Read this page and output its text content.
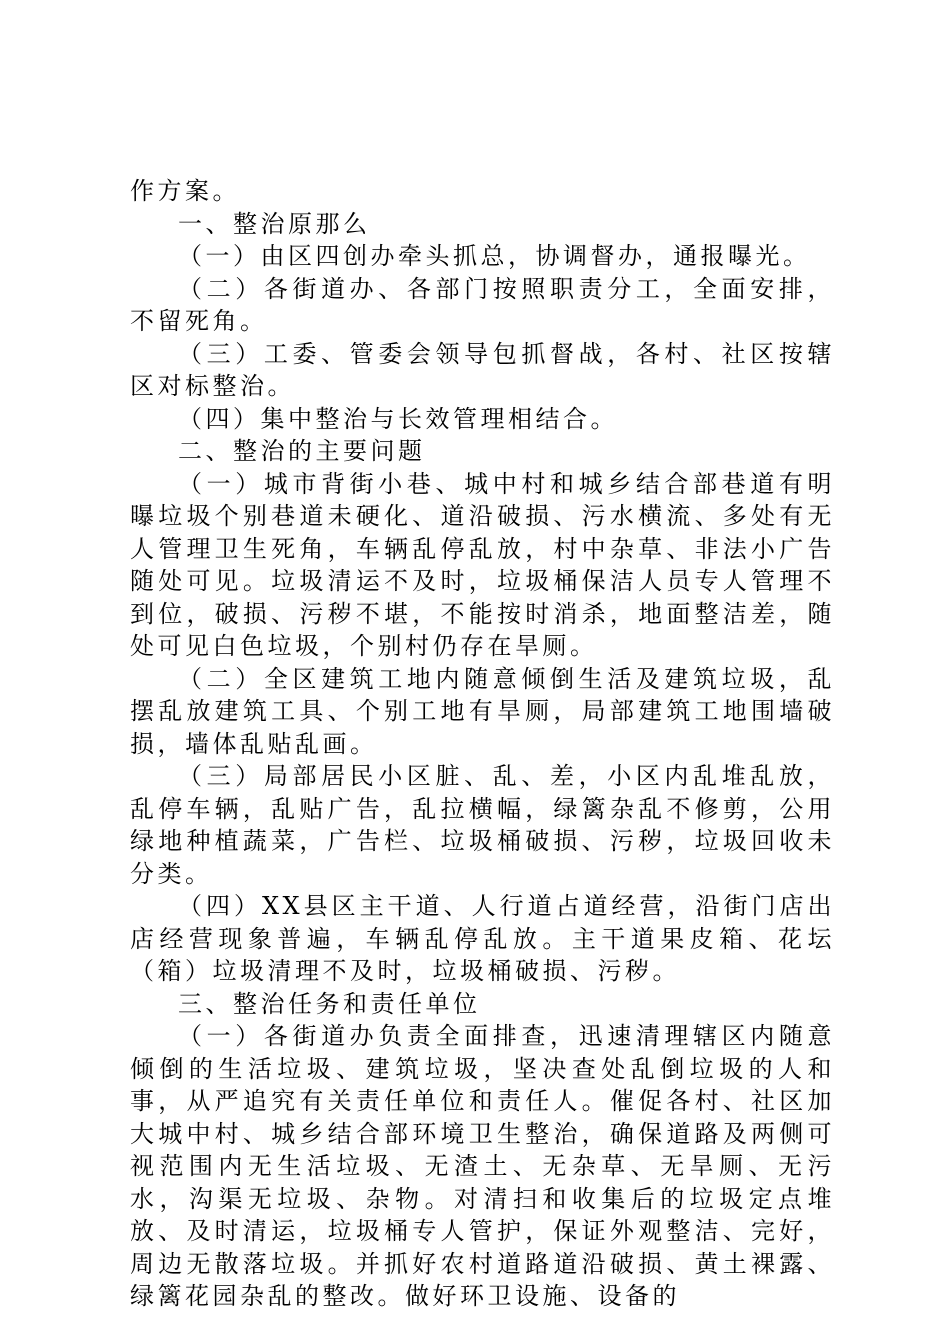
作方案。

一、整治原那么

（一）由区四创办牵头抓总，协调督办，通报曝光。

（二）各街道办、各部门按照职责分工，全面安排，不留死角。

（三）工委、管委会领导包抓督战，各村、社区按辖区对标整治。

（四）集中整治与长效管理相结合。

二、整治的主要问题

（一）城市背街小巷、城中村和城乡结合部巷道有明曝垃圾个别巷道未硬化、道沿破损、污水横流、多处有无人管理卫生死角，车辆乱停乱放，村中杂草、非法小广告随处可见。垃圾清运不及时，垃圾桶保洁人员专人管理不到位，破损、污秽不堪，不能按时消杀，地面整洁差，随处可见白色垃圾，个别村仍存在旱厕。

（二）全区建筑工地内随意倾倒生活及建筑垃圾，乱摆乱放建筑工具、个别工地有旱厕，局部建筑工地围墙破损，墙体乱贴乱画。

（三）局部居民小区脏、乱、差，小区内乱堆乱放，乱停车辆，乱贴广告，乱拉横幅，绿篱杂乱不修剪，公用绿地种植蔬菜，广告栏、垃圾桶破损、污秽，垃圾回收未分类。

（四）XX县区主干道、人行道占道经营，沿街门店出店经营现象普遍，车辆乱停乱放。主干道果皮箱、花坛（箱）垃圾清理不及时，垃圾桶破损、污秽。

三、整治任务和责任单位

（一）各街道办负责全面排查，迅速清理辖区内随意倾倒的生活垃圾、建筑垃圾，坚决查处乱倒垃圾的人和事，从严追究有关责任单位和责任人。催促各村、社区加大城中村、城乡结合部环境卫生整治，确保道路及两侧可视范围内无生活垃圾、无渣土、无杂草、无旱厕、无污水，沟渠无垃圾、杂物。对清扫和收集后的垃圾定点堆放、及时清运，垃圾桶专人管护，保证外观整洁、完好，周边无散落垃圾。并抓好农村道路道沿破损、黄土裸露、绿篱花园杂乱的整改。做好环卫设施、设备的
